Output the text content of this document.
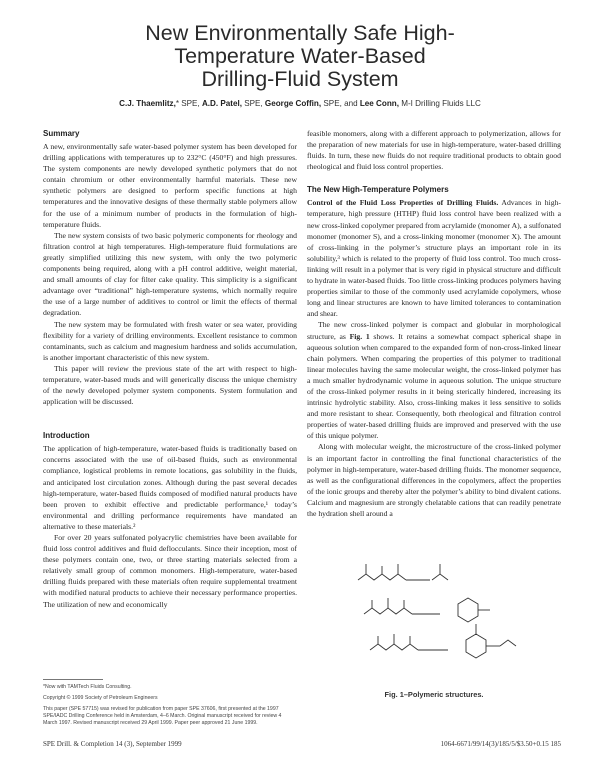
New Environmentally Safe High-
Temperature Water-Based
Drilling-Fluid System
C.J. Thaemlitz,* SPE, A.D. Patel, SPE, George Coffin, SPE, and Lee Conn, M-I Drilling Fluids LLC
Summary

A new, environmentally safe water-based polymer system has been developed for drilling applications with temperatures up to 232°C (450°F) and high pressures. The system components are newly developed synthetic polymers that do not contain chromium or other environmentally harmful materials. These new synthetic polymers are designed to perform specific functions at high temperatures and the innovative designs of these thermally stable polymers allow for the use of a minimum number of products in the formulation of high-temperature fluids.

The new system consists of two basic polymeric components for rheology and filtration control at high temperatures. High-temperature fluid formulations are greatly simplified utilizing this new system, with only the two polymeric components being required, along with a pH control additive, weight material, and small amounts of clay for filter cake quality. This simplicity is a significant advantage over “traditional” high-temperature systems, which normally require the use of a large number of additives to control or limit the effects of thermal degradation.

The new system may be formulated with fresh water or sea water, providing flexibility for a variety of drilling environments. Excellent resistance to common contaminants, such as calcium and magnesium hardness and solids accumulation, is another important characteristic of this new system.

This paper will review the previous state of the art with respect to high-temperature, water-based muds and will generically discuss the unique chemistry of the newly developed polymer system components. System formulation and application will be discussed.

Introduction

The application of high-temperature, water-based fluids is traditionally based on concerns associated with the use of oil-based fluids, such as environmental compliance, logistical problems in remote locations, gas solubility in the fluids, and anticipated lost circulation zones. Although during the past several decades high-temperature, water-based fluids composed of modified natural products have been proven to exhibit effective and predictable performance,¹ today’s environmental and drilling performance requirements have mandated an alternative to these materials.²

For over 20 years sulfonated polyacrylic chemistries have been available for fluid loss control additives and fluid deflocculants. Since their inception, most of these polymers contain one, two, or three starting materials selected from a relatively small group of common monomers. High-temperature, water-based drilling fluids prepared with these materials often require supplemental treatment with modified natural products to achieve their necessary performance properties. The utilization of new and economically

feasible monomers, along with a different approach to polymerization, allows for the preparation of new materials for use in high-temperature, water-based drilling fluids. In turn, these new fluids do not require traditional products to obtain good rheological and fluid loss control properties.

The New High-Temperature Polymers

Control of the Fluid Loss Properties of Drilling Fluids. Advances in high-temperature, high pressure (HTHP) fluid loss control have been realized with a new cross-linked copolymer prepared from acrylamide (monomer A), a sulfonated monomer (monomer S), and a cross-linking monomer (monomer X). The amount of cross-linking in the polymer’s structure plays an important role in its solubility,³ which is related to the property of fluid loss control. Too much cross-linking will result in a polymer that is very rigid in physical structure and difficult to hydrate in water-based fluids. Too little cross-linking produces polymers having properties similar to those of the commonly used acrylamide copolymers, whose long and linear structures are known to have limited tolerances to contamination and shear.

The new cross-linked polymer is compact and globular in morphological structure, as Fig. 1 shows. It retains a somewhat compact spherical shape in aqueous solution when compared to the expanded form of non-cross-linked linear chain polymers. When comparing the properties of this polymer to traditional linear molecules having the same molecular weight, the cross-linked polymer has a much smaller hydrodynamic volume in aqueous solution. The unique structure of the cross-linked polymer results in it being sterically hindered, increasing its intrinsic hydrolytic stability. Also, cross-linking makes it less sensitive to solids and more resistant to shear. Consequently, both rheological and filtration control properties of water-based drilling fluids are improved and preserved with the use of this unique polymer.

Along with molecular weight, the microstructure of the cross-linked polymer is an important factor in controlling the final functional characteristics of the polymer in high-temperature, water-based drilling fluids. The monomer sequence, as well as the configurational differences in the copolymers, affect the properties of the ionic groups and thereby alter the polymer’s ability to bind divalent cations. Calcium and magnesium are strongly chelatable cations that can readily penetrate the hydration shell around a

Fig. 1–Polymeric structures.
*Now with TAMTech Fluids Consulting.
Copyright © 1999 Society of Petroleum Engineers
This paper (SPE 57715) was revised for publication from paper SPE 37606, first presented at the 1997 SPE/IADC Drilling Conference held in Amsterdam, 4–6 March. Original manuscript received for review 4 March 1997. Revised manuscript received 29 April 1999. Paper peer approved 21 June 1999.
SPE Drill. & Completion 14 (3), September 1999	1064-6671/99/14(3)/185/5/$3.50+0.15 185
